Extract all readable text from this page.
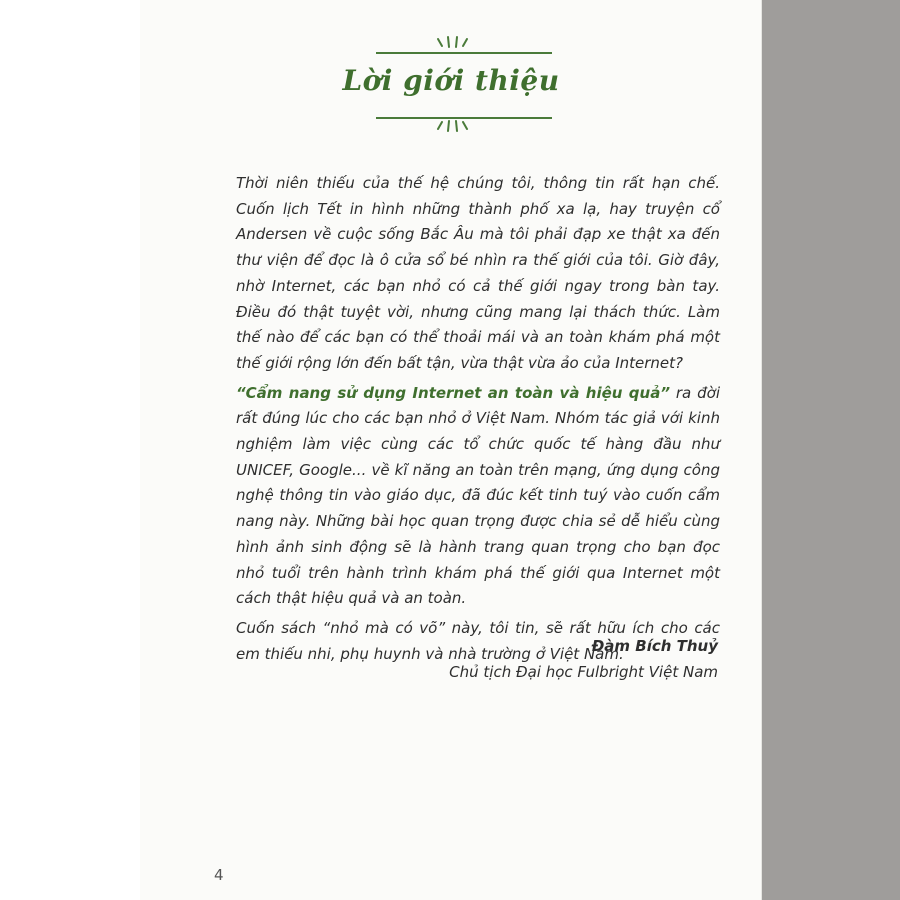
Lời giới thiệu

Thời niên thiếu của thế hệ chúng tôi, thông tin rất hạn chế. Cuốn lịch Tết in hình những thành phố xa lạ, hay truyện cổ Andersen về cuộc sống Bắc Âu mà tôi phải đạp xe thật xa đến thư viện để đọc là ô cửa sổ bé nhìn ra thế giới của tôi. Giờ đây, nhờ Internet, các bạn nhỏ có cả thế giới ngay trong bàn tay. Điều đó thật tuyệt vời, nhưng cũng mang lại thách thức. Làm thế nào để các bạn có thể thoải mái và an toàn khám phá một thế giới rộng lớn đến bất tận, vừa thật vừa ảo của Internet?

“Cẩm nang sử dụng Internet an toàn và hiệu quả” ra đời rất đúng lúc cho các bạn nhỏ ở Việt Nam. Nhóm tác giả với kinh nghiệm làm việc cùng các tổ chức quốc tế hàng đầu như UNICEF, Google... về kĩ năng an toàn trên mạng, ứng dụng công nghệ thông tin vào giáo dục, đã đúc kết tinh tuý vào cuốn cẩm nang này. Những bài học quan trọng được chia sẻ dễ hiểu cùng hình ảnh sinh động sẽ là hành trang quan trọng cho bạn đọc nhỏ tuổi trên hành trình khám phá thế giới qua Internet một cách thật hiệu quả và an toàn.

Cuốn sách “nhỏ mà có võ” này, tôi tin, sẽ rất hữu ích cho các em thiếu nhi, phụ huynh và nhà trường ở Việt Nam.

Đàm Bích Thuỷ
Chủ tịch Đại học Fulbright Việt Nam
4
